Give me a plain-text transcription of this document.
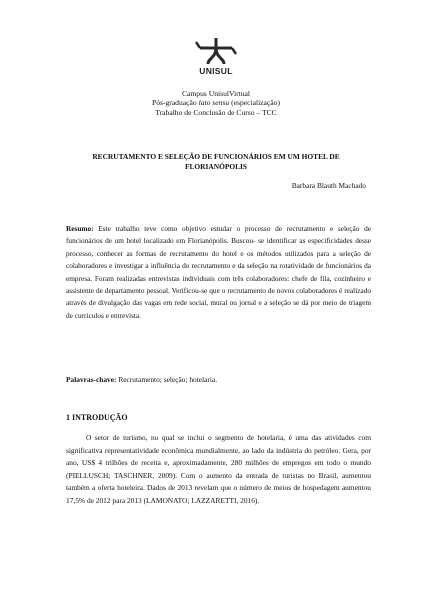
UNISUL
Campus UnisulVirtual
Pós-graduação lato sensu (especialização)
Trabalho de Conclusão de Curso – TCC
RECRUTAMENTO E SELEÇÃO DE FUNCIONÁRIOS EM UM HOTEL DE
FLORIANÓPOLIS
Barbara Blauth Machado

Resumo: Este trabalho teve como objetivo estudar o processo de recrutamento e seleção de funcionários de um hotel localizado em Florianópolis. Buscou- se identificar as especificidades desse processo, conhecer as formas de recrutamento do hotel e os métodos utilizados para a seleção de colaboradores e investigar a influência do recrutamento e da seleção na rotatividade de funcionários da empresa. Foram realizadas entrevistas individuais com três colaboradores: chefe de fila, cozinheiro e assistente de departamento pessoal. Verificou-se que o recrutamento de novos colaboradores é realizado através de divulgação das vagas em rede social, mural ou jornal e a seleção se dá por meio de triagem de currículos e entrevista.

Palavras-chave: Recrutamento; seleção; hotelaria.
1 INTRODUÇÃO

O setor de turismo, no qual se inclui o segmento de hotelaria, é uma das atividades com significativa representatividade econômica mundialmente, ao lado da indústria do petróleo. Gera, por ano, US$ 4 trilhões de receita e, aproximadamente, 280 milhões de empregos em todo o mundo (PIELLUSCH; TASCHNER, 2009). Com o aumento da entrada de turistas no Brasil, aumentou também a oferta hoteleira. Dados de 2013 revelam que o número de meios de hospedagem aumentou 17,5% de 2012 para 2013 (LAMONATO; LAZZARETTI, 2016).
